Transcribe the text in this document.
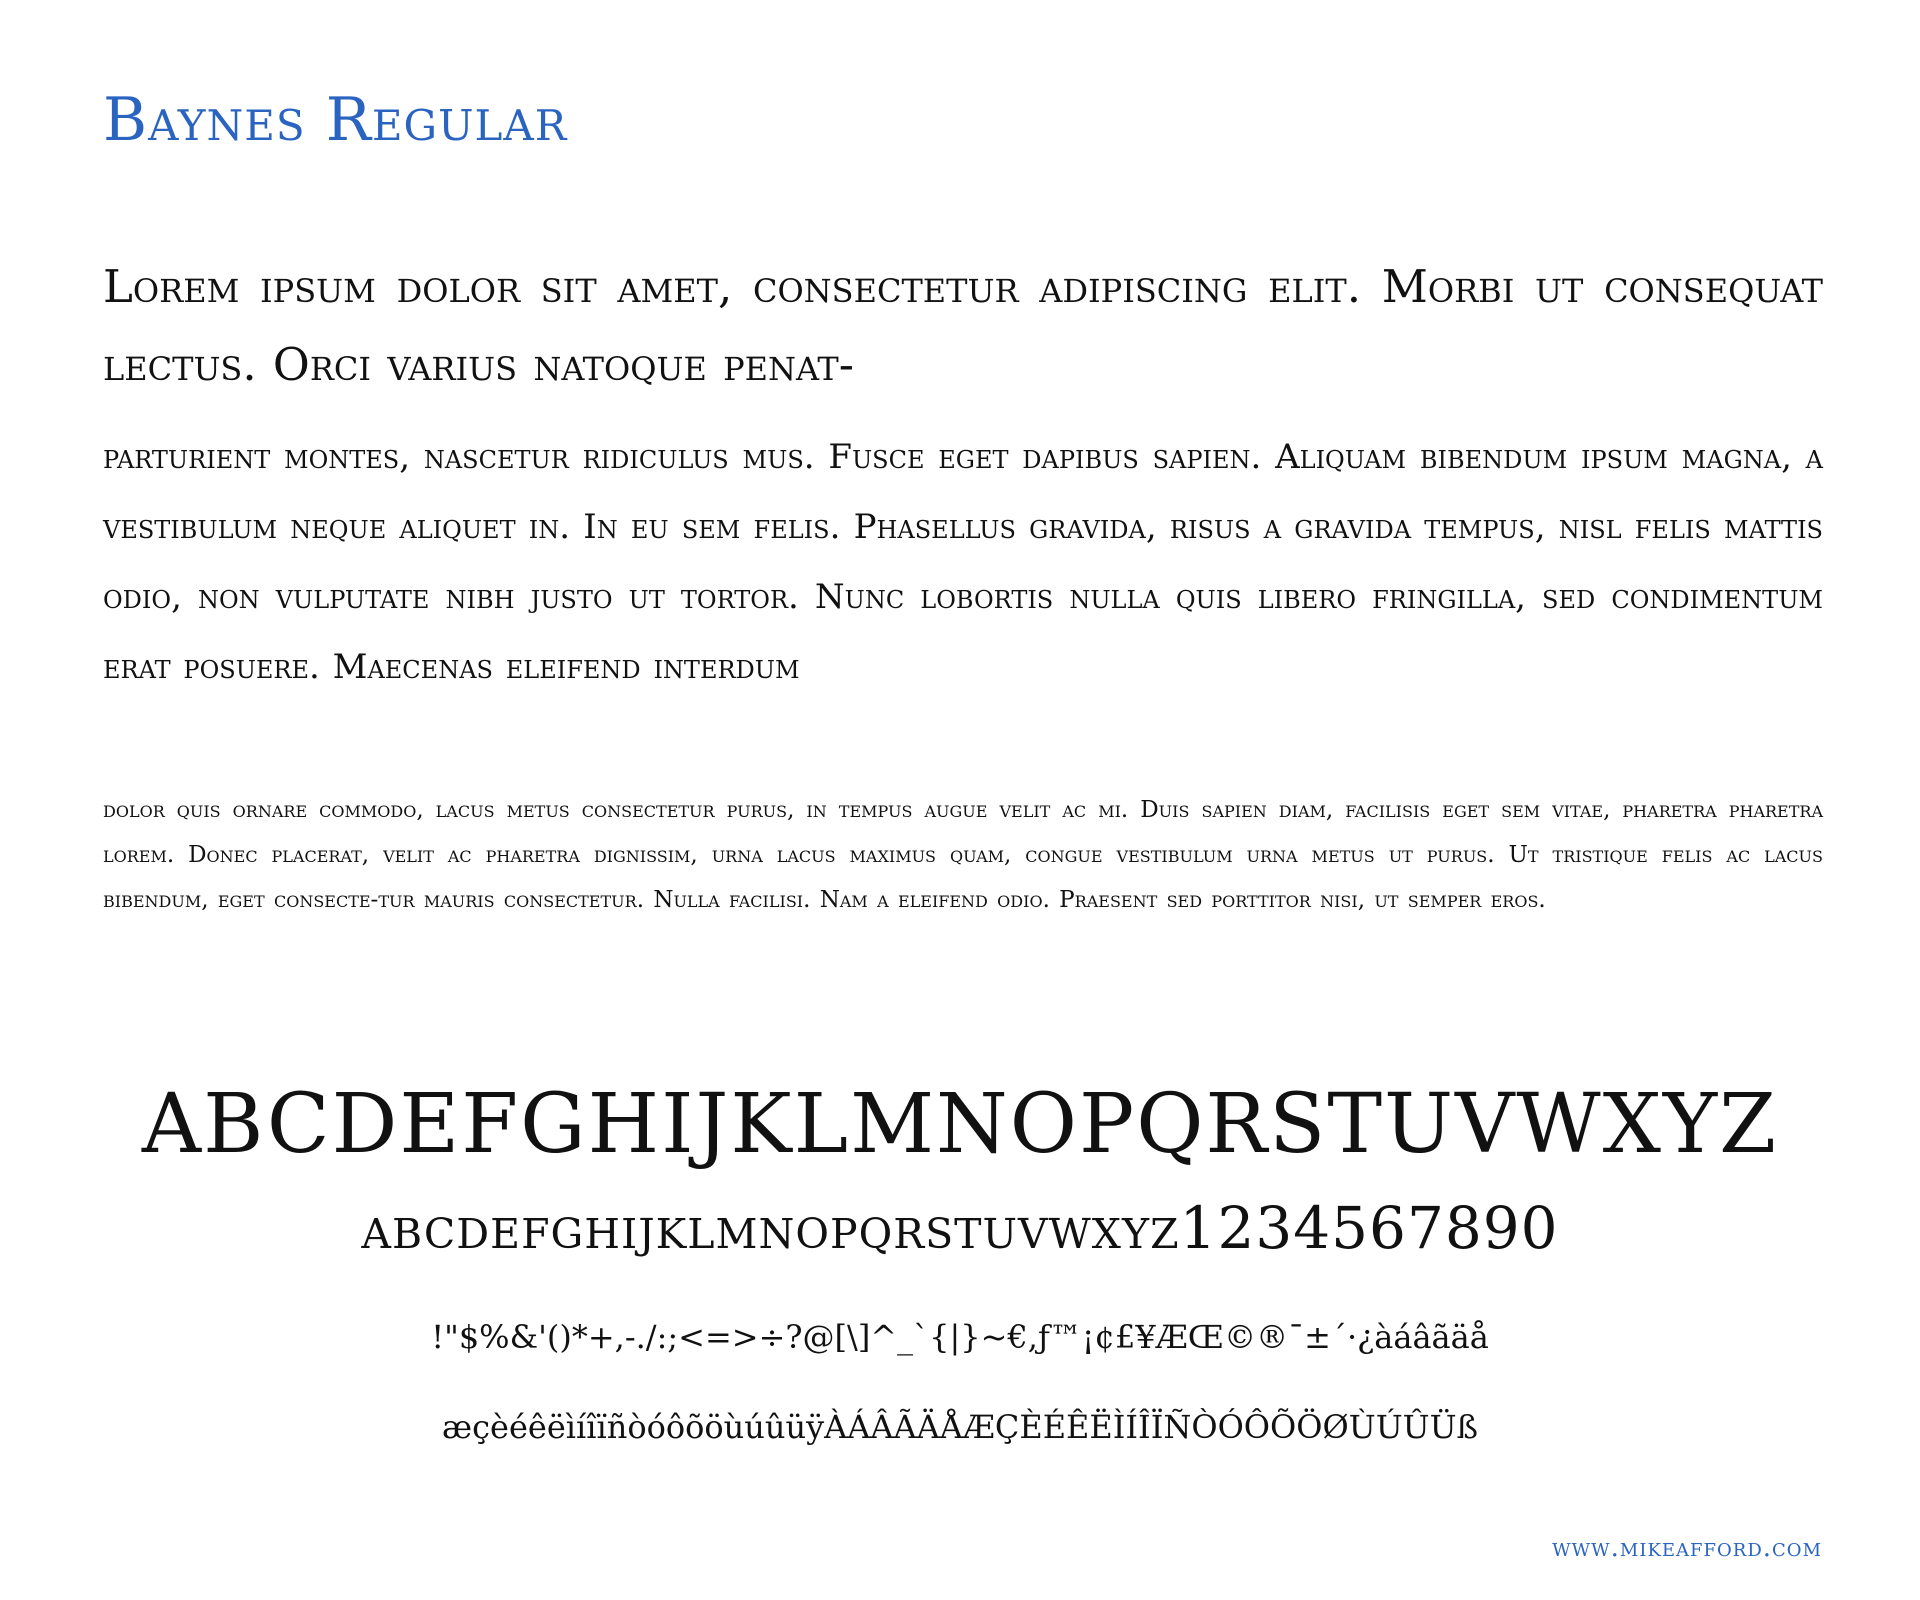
Baynes Regular

Lorem ipsum dolor sit amet, consectetur adipiscing elit. Morbi ut consequat lectus. Orci varius natoque penat-

parturient montes, nascetur ridiculus mus. Fusce eget dapibus sapien. Aliquam bibendum ipsum magna, a vestibulum neque aliquet in. In eu sem felis. Phasellus gravida, risus a gravida tempus, nisl felis mattis odio, non vulputate nibh justo ut tortor. Nunc lobortis nulla quis libero fringilla, sed condimentum erat posuere. Maecenas eleifend interdum

dolor quis ornare commodo, lacus metus consectetur purus, in tempus augue velit ac mi. Duis sapien diam, facilisis eget sem vitae, pharetra pharetra lorem. Donec placerat, velit ac pharetra dignissim, urna lacus maximus quam, congue vestibulum urna metus ut purus. Ut tristique felis ac lacus bibendum, eget consecte-tur mauris consectetur. Nulla facilisi. Nam a eleifend odio. Praesent sed porttitor nisi, ut semper eros.

ABCDEFGHIJKLMNOPQRSTUVWXYZ
abcdefghijklmnopqrstuvwxyz1234567890
!"$%&'()*+,-./:;<=>÷?@[\]^_`{|}~€,ƒ™¡¢£¥ÆŒ©®¯±´·¿àáâãäå
æçèéêëìíîïñòóôõöùúûüÿÀÁÂÃÄÅÆÇÈÉÊËÌÍÎÏÑÒÓÔÕÖØÙÚÛÜß
www.mikeafford.com
